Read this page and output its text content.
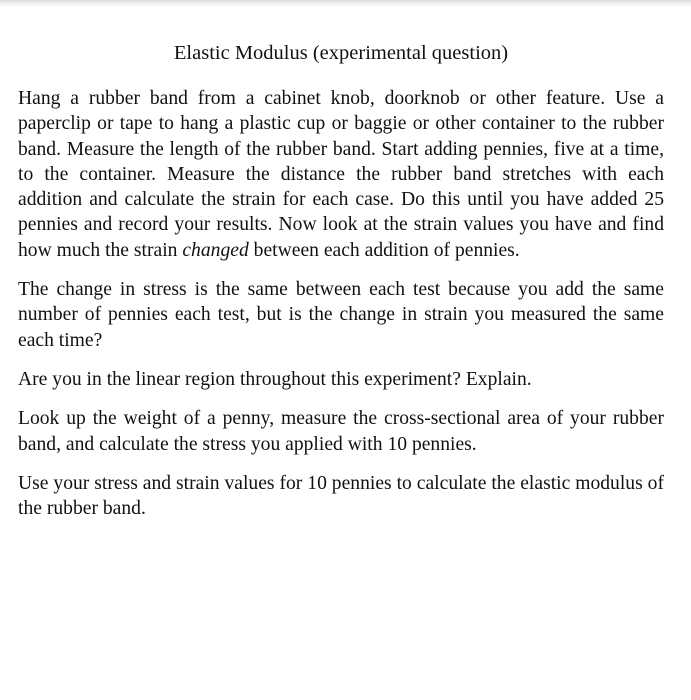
Elastic Modulus (experimental question)

Hang a rubber band from a cabinet knob, doorknob or other feature. Use a paperclip or tape to hang a plastic cup or baggie or other container to the rubber band. Measure the length of the rubber band. Start adding pennies, five at a time, to the container. Measure the distance the rubber band stretches with each addition and calculate the strain for each case. Do this until you have added 25 pennies and record your results. Now look at the strain values you have and find how much the strain changed between each addition of pennies.

The change in stress is the same between each test because you add the same number of pennies each test, but is the change in strain you measured the same each time?

Are you in the linear region throughout this experiment? Explain.

Look up the weight of a penny, measure the cross-sectional area of your rubber band, and calculate the stress you applied with 10 pennies.

Use your stress and strain values for 10 pennies to calculate the elastic modulus of the rubber band.
